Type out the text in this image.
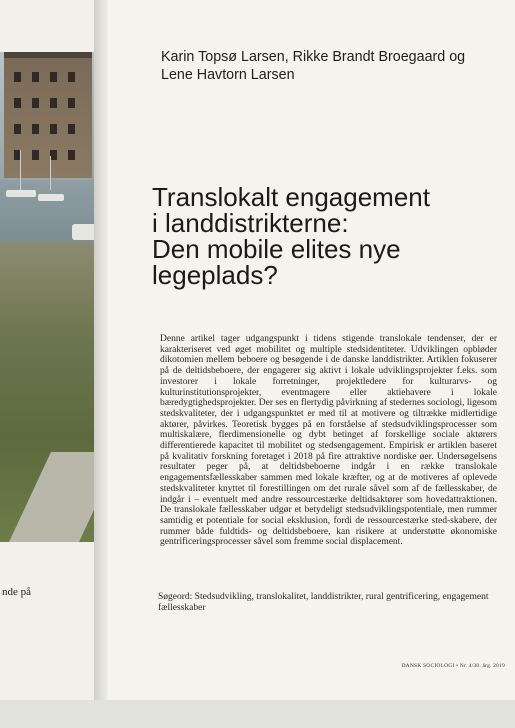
nde på
Karin Topsø Larsen, Rikke Brandt Broegaard og
Lene Havtorn Larsen
Translokalt engagement
i landdistrikterne:
Den mobile elites nye
legeplads?

Denne artikel tager udgangspunkt i tidens stigende translokale tendenser, der er karakteriseret ved øget mobilitet og multiple stedsidentiteter. Udviklingen opbløder dikotomien mellem beboere og besøgende i de danske landdistrikter. Artiklen fokuserer på de deltidsbeboere, der engagerer sig aktivt i lokale udviklingsprojekter f.eks. som investorer i lokale forretninger, projektledere for kulturarvs- og kulturinstitutionsprojekter, eventmagere eller aktiehavere i lokale bæredygtighedsprojekter. Der ses en flertydig påvirkning af stedernes sociologi, ligesom stedskvaliteter, der i udgangspunktet er med til at motivere og tiltrække midlertidige aktører, påvirkes. Teoretisk bygges på en forståelse af stedsudviklingsprocesser som multiskalære, flerdimensionelle og dybt betinget af forskellige sociale aktørers differentierede kapacitet til mobilitet og stedsengagement. Empirisk er artiklen baseret på kvalitativ forskning foretaget i 2018 på fire attraktive nordiske øer. Undersøgelsens resultater peger på, at deltidsbeboerne indgår i en række translokale engagementsfællesskaber sammen med lokale kræfter, og at de motiveres af oplevede stedskvaliteter knyttet til forestillingen om det rurale såvel som af de fællesskaber, de indgår i – eventuelt med andre ressourcestærke deltidsaktører som hovedattraktionen. De translokale fællesskaber udgør et betydeligt stedsudviklingspotentiale, men rummer samtidig et potentiale for social eksklusion, fordi de ressourcestærke sted-skabere, der rummer både fuldtids- og deltidsbeboere, kan risikere at understøtte økonomiske gentrificeringsprocesser såvel som fremme social displacement.

Søgeord: Stedsudvikling, translokalitet, landdistrikter, rural gentrificering, engagement fællesskaber

DANSK SOCIOLOGI • Nr. 4/30. årg. 2019
